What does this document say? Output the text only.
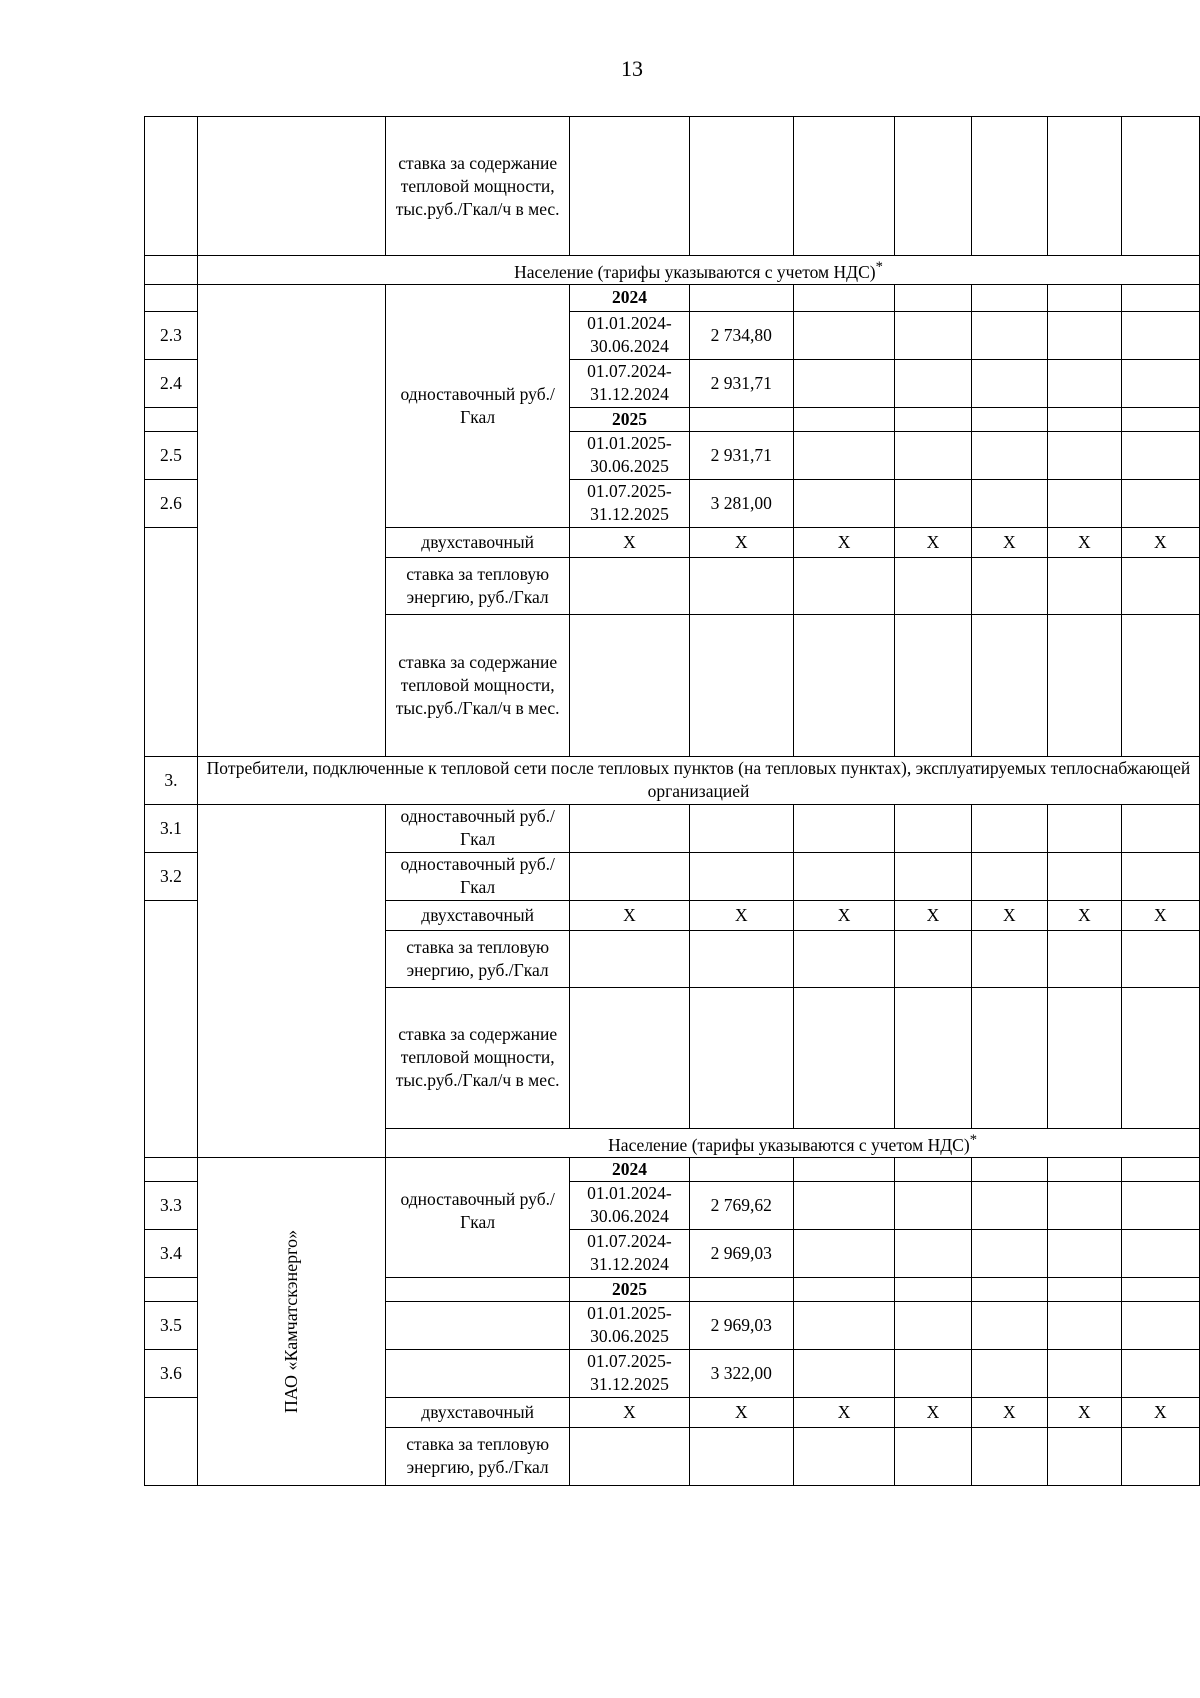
13
		ставка за содержание тепловой мощности, тыс.руб./Гкал/ч в мес.							
	Население (тарифы указываются с учетом НДС)*
		одноставочный руб./Гкал	2024						
2.3			01.01.2024-30.06.2024	2 734,80					
2.4			01.07.2024-31.12.2024	2 931,71					
			2025						
2.5			01.01.2025-30.06.2025	2 931,71					
2.6			01.07.2025-31.12.2025	3 281,00					
		двухставочный	Х	Х	Х	Х	Х	Х	Х
		ставка за тепловую энергию, руб./Гкал							
		ставка за содержание тепловой мощности, тыс.руб./Гкал/ч в мес.							
3.	Потребители, подключенные к тепловой сети после тепловых пунктов (на тепловых пунктах), эксплуатируемых теплоснабжающей организацией								
3.1		одноставочный руб./Гкал							
3.2		одноставочный руб./Гкал							
		двухставочный	Х	Х	Х	Х	Х	Х	Х
		ставка за тепловую энергию, руб./Гкал							
		ставка за содержание тепловой мощности, тыс.руб./Гкал/ч в мес.							
		Население (тарифы указываются с учетом НДС)*
	ПАО «Камчатскэнерго»	одноставочный руб./Гкал	2024						
3.3			01.01.2024-30.06.2024	2 769,62					
3.4			01.07.2024-31.12.2024	2 969,03					
			2025						
3.5			01.01.2025-30.06.2025	2 969,03					
3.6			01.07.2025-31.12.2025	3 322,00					
		двухставочный	Х	Х	Х	Х	Х	Х	Х
		ставка за тепловую энергию, руб./Гкал							
